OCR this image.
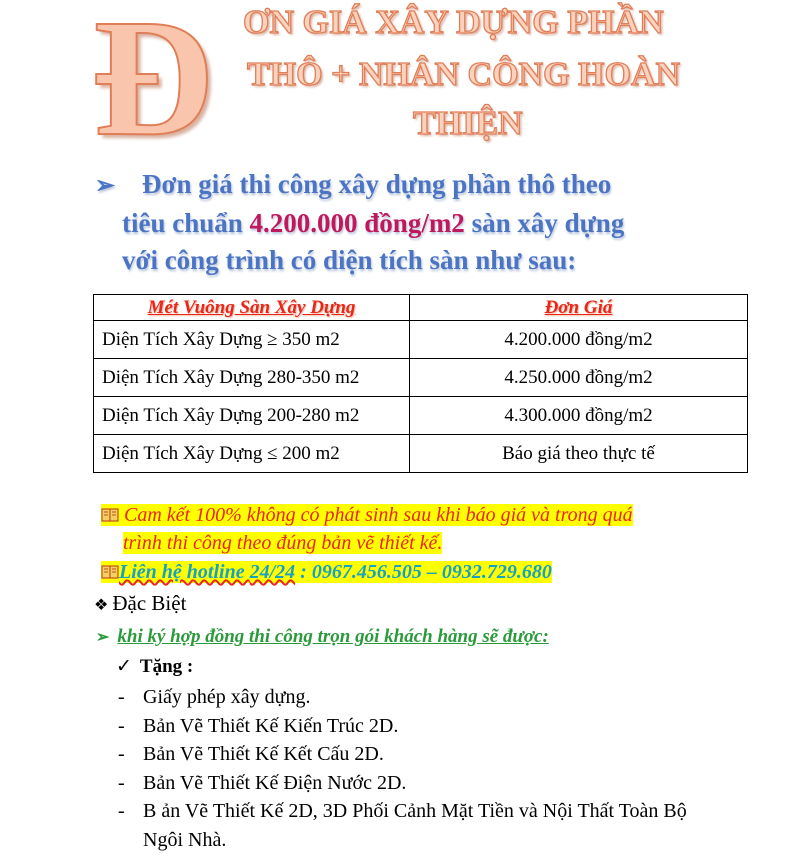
Đ ƠN GIÁ XÂY DỰNG PHẦN
THÔ + NHÂN CÔNG HOÀN
THIỆN

➢ Đơn giá thi công xây dựng phần thô theo
tiêu chuẩn 4.200.000 đồng/m2 sàn xây dựng
với công trình có diện tích sàn như sau:

Mét Vuông Sàn Xây Dựng	Đơn Giá
Diện Tích Xây Dựng ≥ 350 m2	4.200.000 đồng/m2
Diện Tích Xây Dựng 280-350 m2	4.250.000 đồng/m2
Diện Tích Xây Dựng 200-280 m2	4.300.000 đồng/m2
Diện Tích Xây Dựng ≤ 200 m2	Báo giá theo thực tế

Cam kết 100% không có phát sinh sau khi báo giá và trong quá
trình thi công theo đúng bản vẽ thiết kế.

Liên hệ hotline 24/24 : 0967.456.505 – 0932.729.680

❖ Đặc Biệt

➢ khi ký hợp đồng thi công trọn gói khách hàng sẽ được:

✓ Tặng :

- Giấy phép xây dựng.
- Bản Vẽ Thiết Kế Kiến Trúc 2D.
- Bản Vẽ Thiết Kế Kết Cấu 2D.
- Bản Vẽ Thiết Kế Điện Nước 2D.
- B ản Vẽ Thiết Kế 2D, 3D Phối Cảnh Mặt Tiền và Nội Thất Toàn Bộ Ngôi Nhà.
